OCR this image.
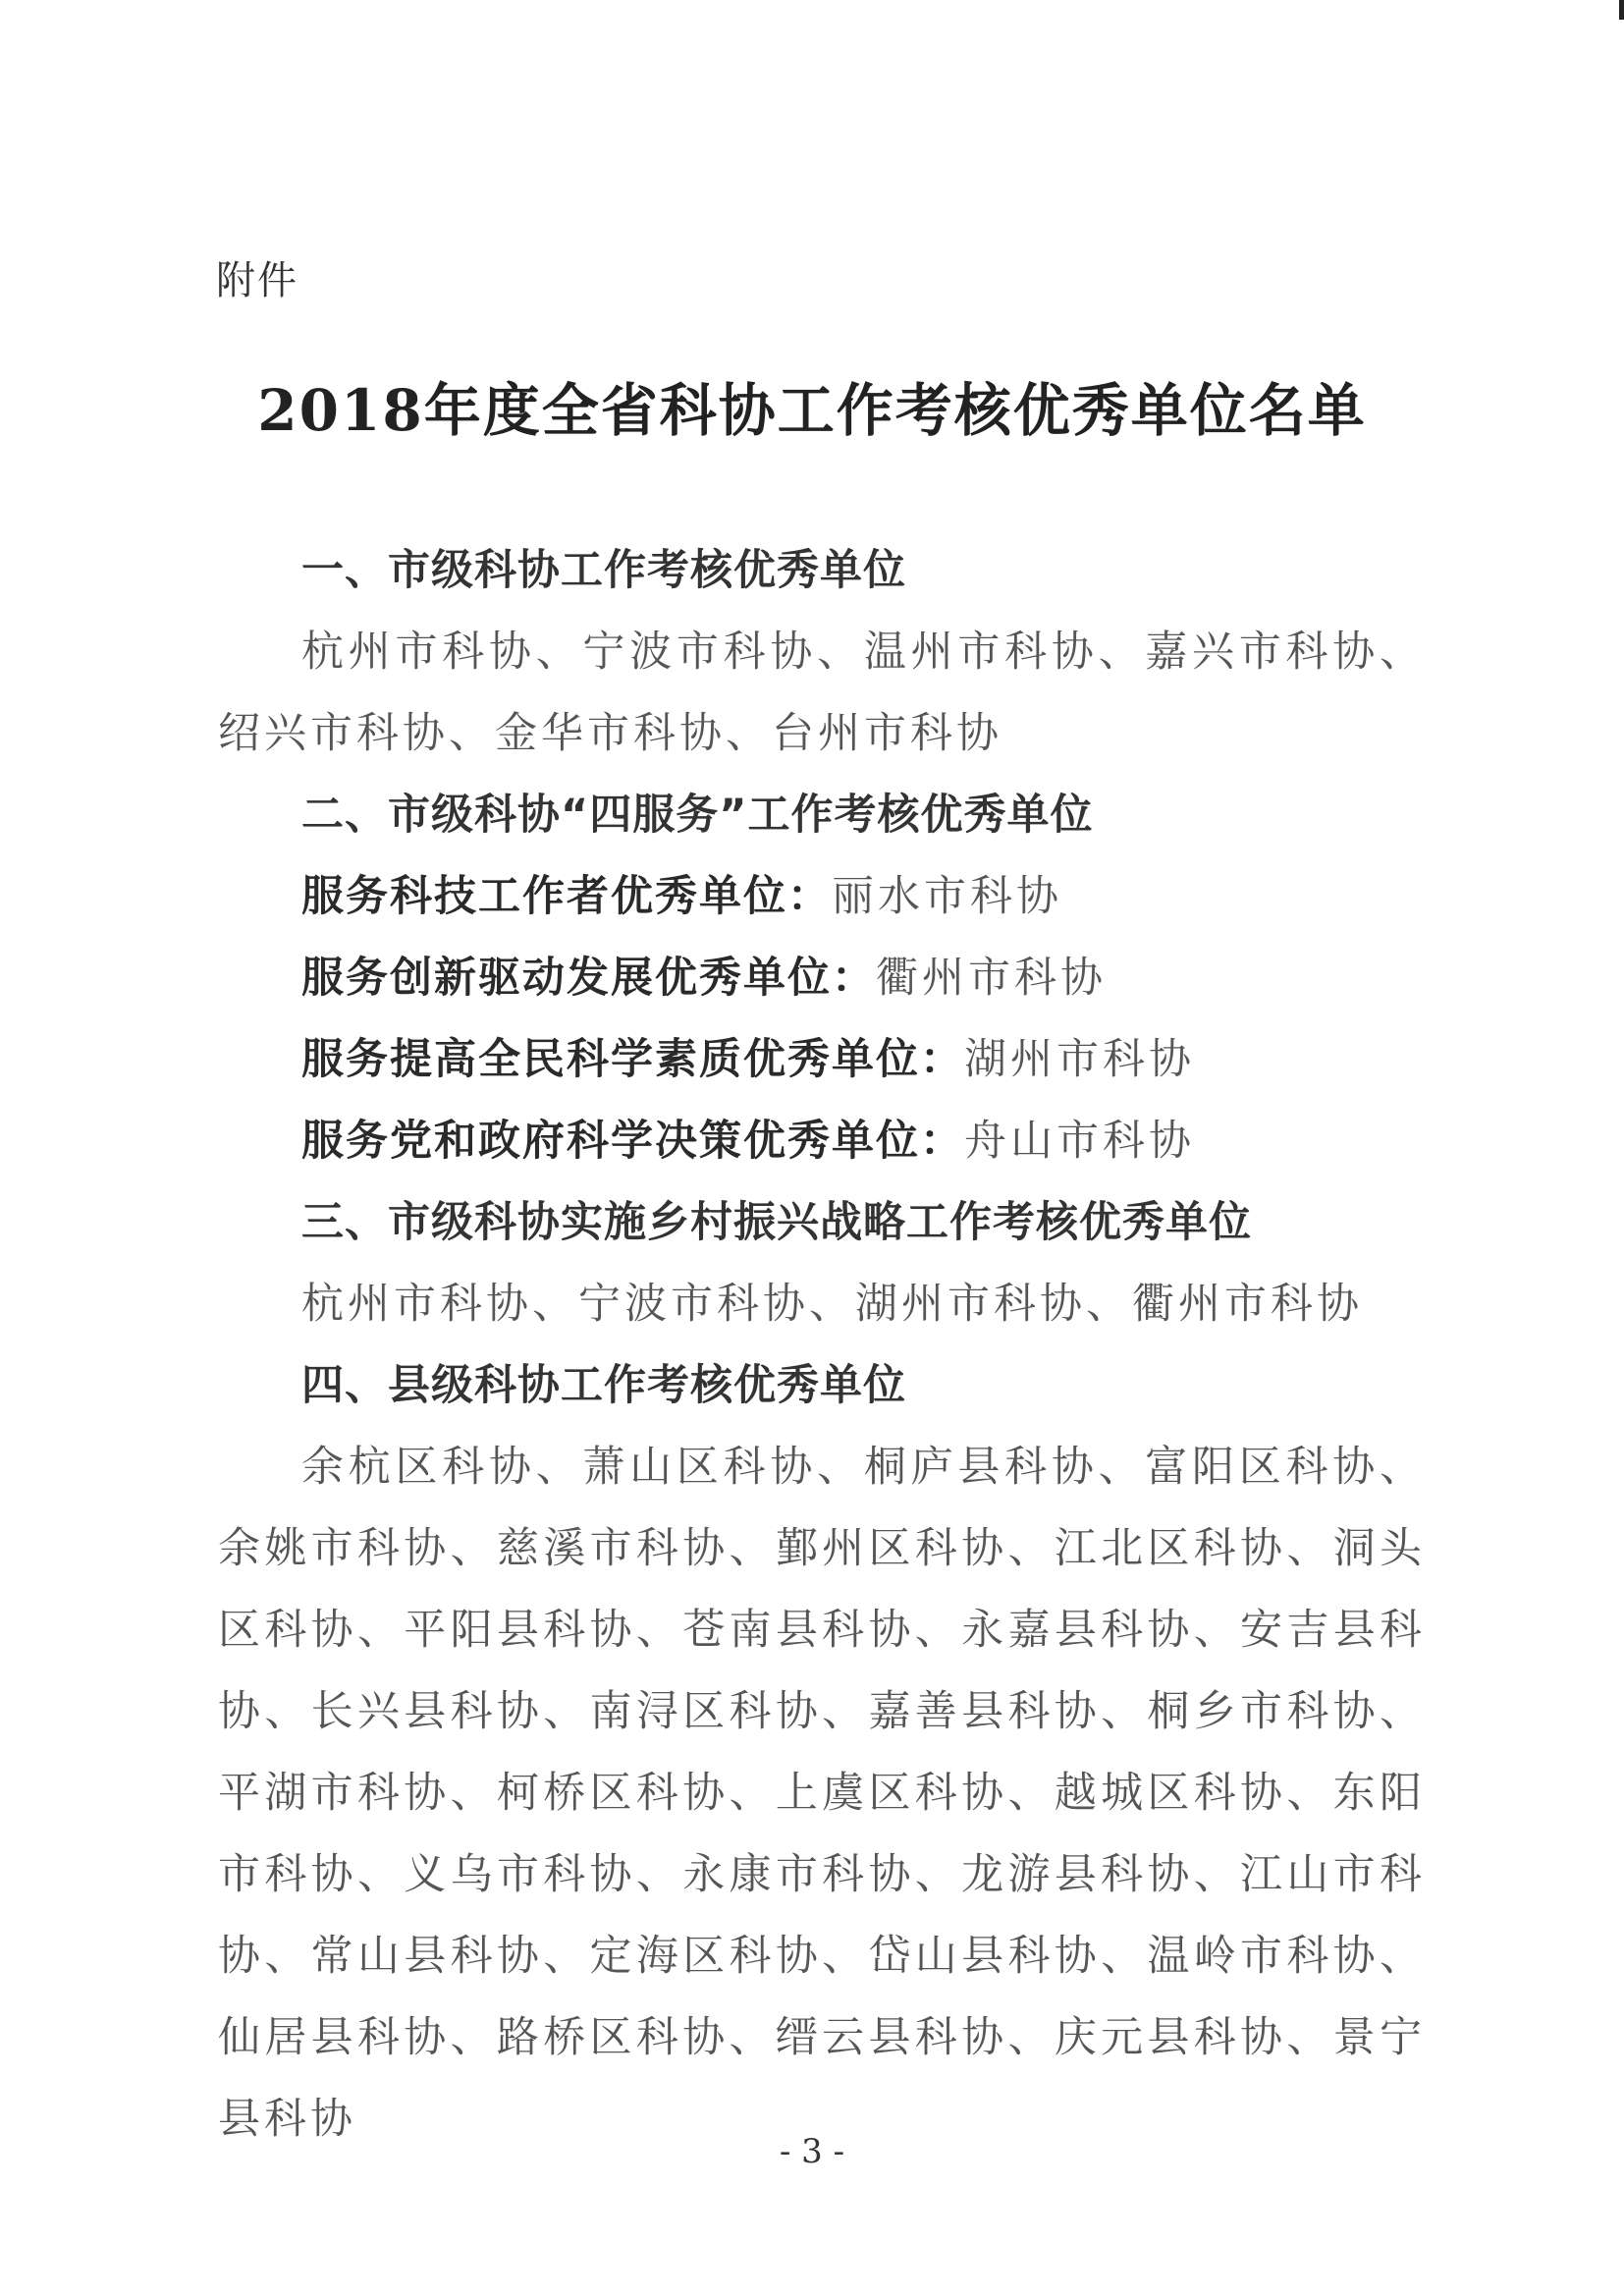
附件
2018年度全省科协工作考核优秀单位名单

一、市级科协工作考核优秀单位

杭州市科协、宁波市科协、温州市科协、嘉兴市科协、绍兴市科协、金华市科协、台州市科协

二、市级科协“四服务”工作考核优秀单位

服务科技工作者优秀单位：丽水市科协

服务创新驱动发展优秀单位：衢州市科协

服务提高全民科学素质优秀单位：湖州市科协

服务党和政府科学决策优秀单位：舟山市科协

三、市级科协实施乡村振兴战略工作考核优秀单位

杭州市科协、宁波市科协、湖州市科协、衢州市科协

四、县级科协工作考核优秀单位

余杭区科协、萧山区科协、桐庐县科协、富阳区科协、余姚市科协、慈溪市科协、鄞州区科协、江北区科协、洞头区科协、平阳县科协、苍南县科协、永嘉县科协、安吉县科协、长兴县科协、南浔区科协、嘉善县科协、桐乡市科协、平湖市科协、柯桥区科协、上虞区科协、越城区科协、东阳市科协、义乌市科协、永康市科协、龙游县科协、江山市科协、常山县科协、定海区科协、岱山县科协、温岭市科协、仙居县科协、路桥区科协、缙云县科协、庆元县科协、景宁县科协

- 3 -
